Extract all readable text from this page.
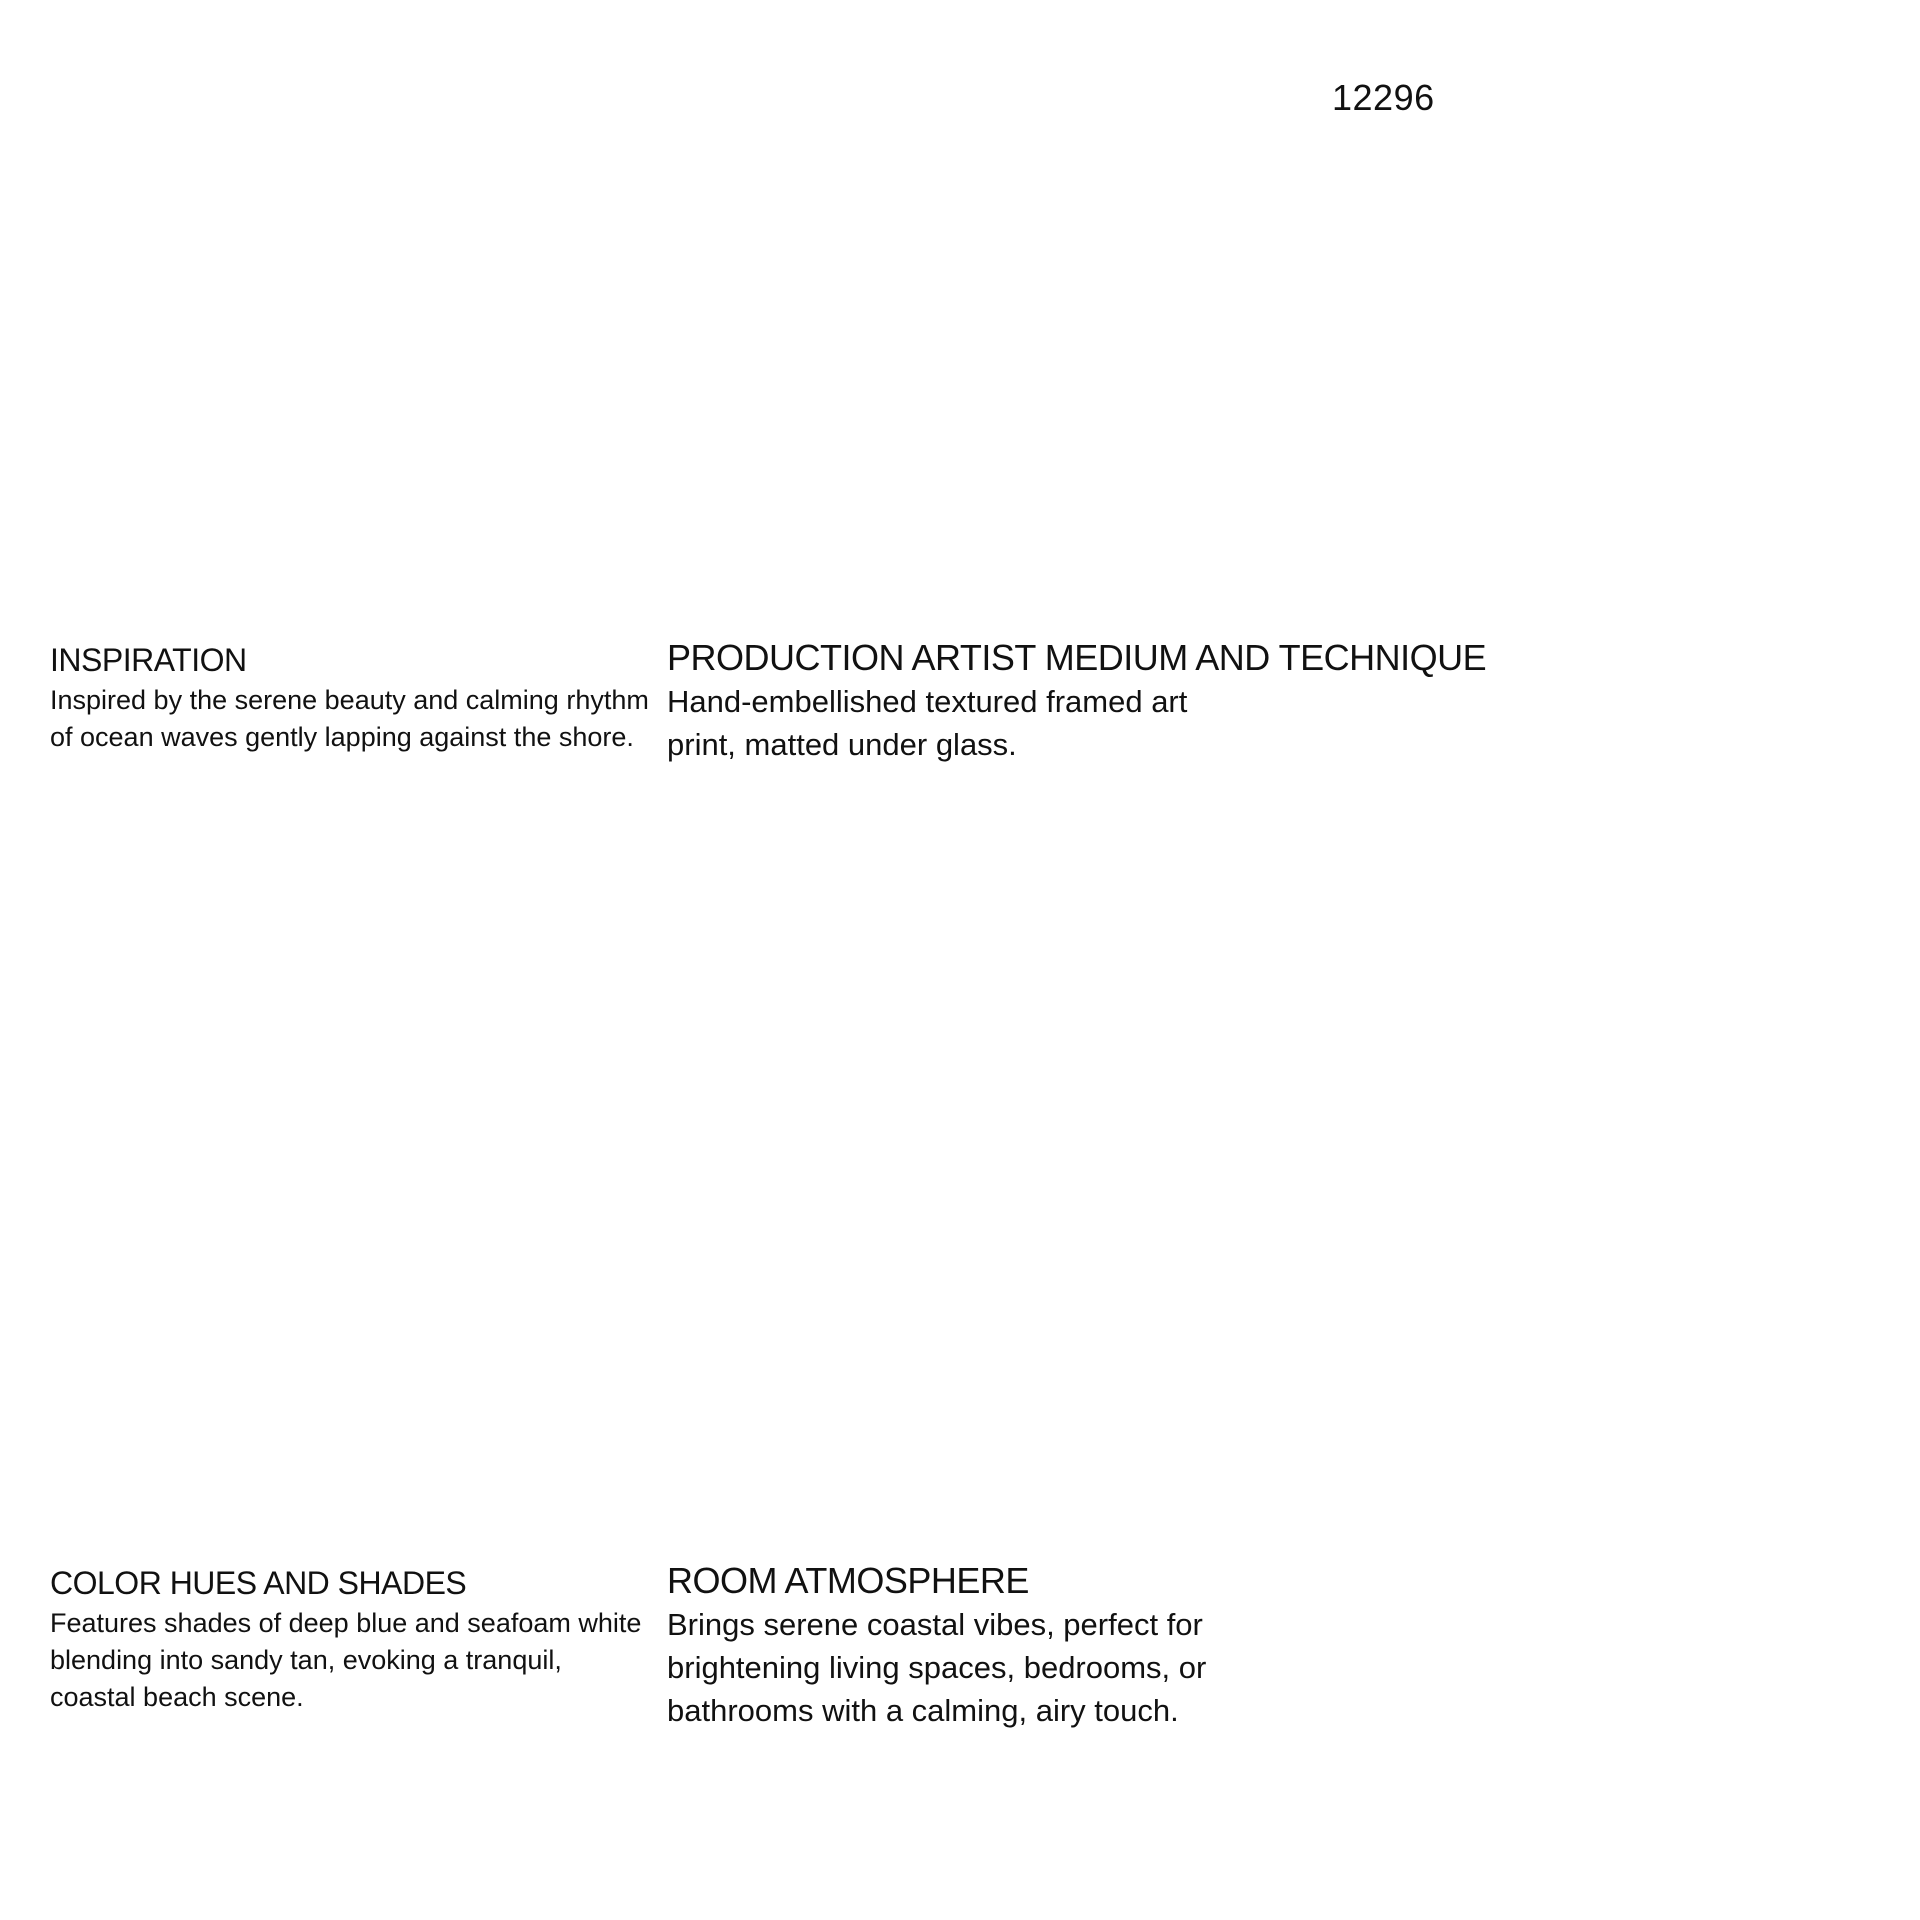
12296
INSPIRATION

Inspired by the serene beauty and calming rhythm of ocean waves gently lapping against the shore.

PRODUCTION ARTIST MEDIUM AND TECHNIQUE

Hand-embellished textured framed art print, matted under glass.

COLOR HUES AND SHADES

Features shades of deep blue and seafoam white blending into sandy tan, evoking a tranquil, coastal beach scene.

ROOM ATMOSPHERE

Brings serene coastal vibes, perfect for brightening living spaces, bedrooms, or bathrooms with a calming, airy touch.
